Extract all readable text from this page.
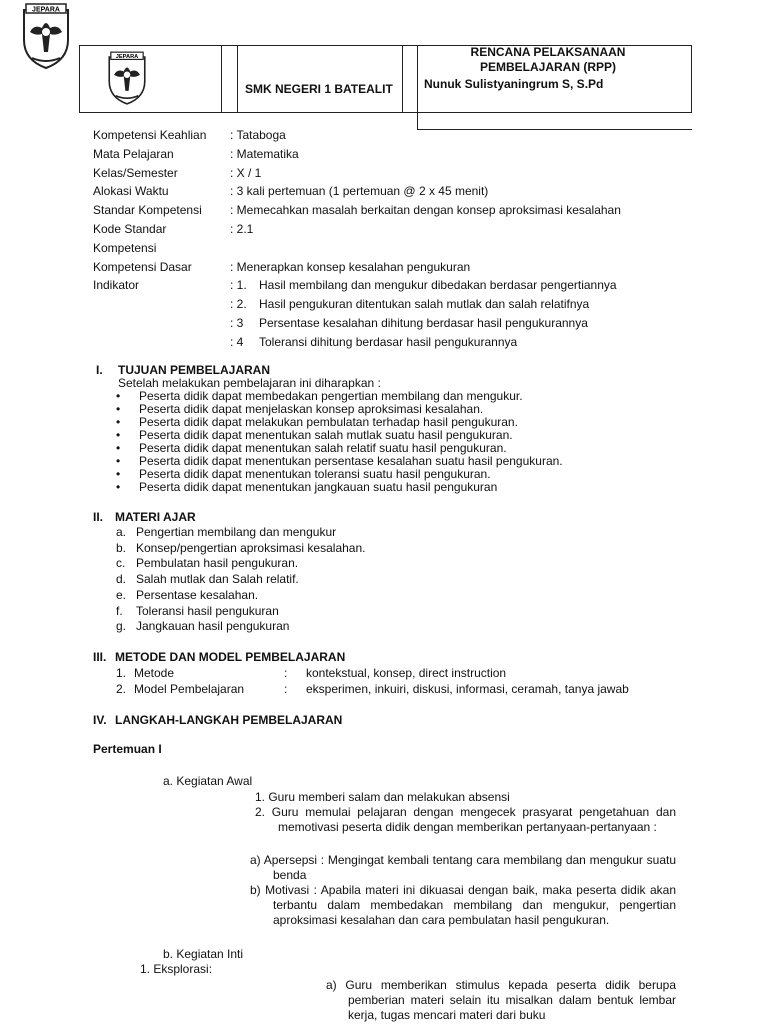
JEPARA
JEPARA
SMK NEGERI 1 BATEALIT
RENCANA PELAKSANAAN
PEMBELAJARAN (RPP)
Nunuk Sulistyaningrum S, S.Pd
Kompetensi Keahlian	: Tataboga
Mata Pelajaran	: Matematika
Kelas/Semester	: X / 1
Alokasi Waktu	: 3 kali pertemuan (1 pertemuan @ 2 x 45 menit)
Standar Kompetensi	: Memecahkan masalah berkaitan dengan konsep aproksimasi kesalahan
Kode Standar	: 2.1
Kompetensi
Kompetensi Dasar	: Menerapkan konsep kesalahan pengukuran
Indikator	: 1. Hasil membilang dan mengukur dibedakan berdasar pengertiannya
: 2. Hasil pengukuran ditentukan salah mutlak dan salah relatifnya
: 3 Persentase kesalahan dihitung berdasar hasil pengukurannya
: 4 Toleransi dihitung berdasar hasil pengukurannya
I.	TUJUAN PEMBELAJARAN
Setelah melakukan pembelajaran ini diharapkan :
•	Peserta didik dapat membedakan pengertian membilang dan mengukur.
•	Peserta didik dapat menjelaskan konsep aproksimasi kesalahan.
•	Peserta didik dapat melakukan pembulatan terhadap hasil pengukuran.
•	Peserta didik dapat menentukan salah mutlak suatu hasil pengukuran.
•	Peserta didik dapat menentukan salah relatif suatu hasil pengukuran.
•	Peserta didik dapat menentukan persentase kesalahan suatu hasil pengukuran.
•	Peserta didik dapat menentukan toleransi suatu hasil pengukuran.
•	Peserta didik dapat menentukan jangkauan suatu hasil pengukuran
II. MATERI AJAR
a. Pengertian membilang dan mengukur
b. Konsep/pengertian aproksimasi kesalahan.
c. Pembulatan hasil pengukuran.
d. Salah mutlak dan Salah relatif.
e. Persentase kesalahan.
f.	Toleransi hasil pengukuran
g. Jangkauan hasil pengukuran
III. METODE DAN MODEL PEMBELAJARAN
1. Metode	:	kontekstual, konsep, direct instruction
2. Model Pembelajaran	:	eksperimen, inkuiri, diskusi, informasi, ceramah, tanya jawab
IV. LANGKAH-LANGKAH PEMBELAJARAN
Pertemuan I
a. Kegiatan Awal
1. Guru memberi salam dan melakukan absensi
2. Guru memulai pelajaran dengan mengecek prasyarat pengetahuan dan memotivasi peserta didik dengan memberikan pertanyaan-pertanyaan :
a) Apersepsi : Mengingat kembali tentang cara membilang dan mengukur suatu benda
b) Motivasi : Apabila materi ini dikuasai dengan baik, maka peserta didik akan terbantu dalam membedakan membilang dan mengukur, pengertian aproksimasi kesalahan dan cara pembulatan hasil pengukuran.
b. Kegiatan Inti
1. Eksplorasi:
a) Guru memberikan stimulus kepada peserta didik berupa pemberian materi selain itu misalkan dalam bentuk lembar kerja, tugas mencari materi dari buku
